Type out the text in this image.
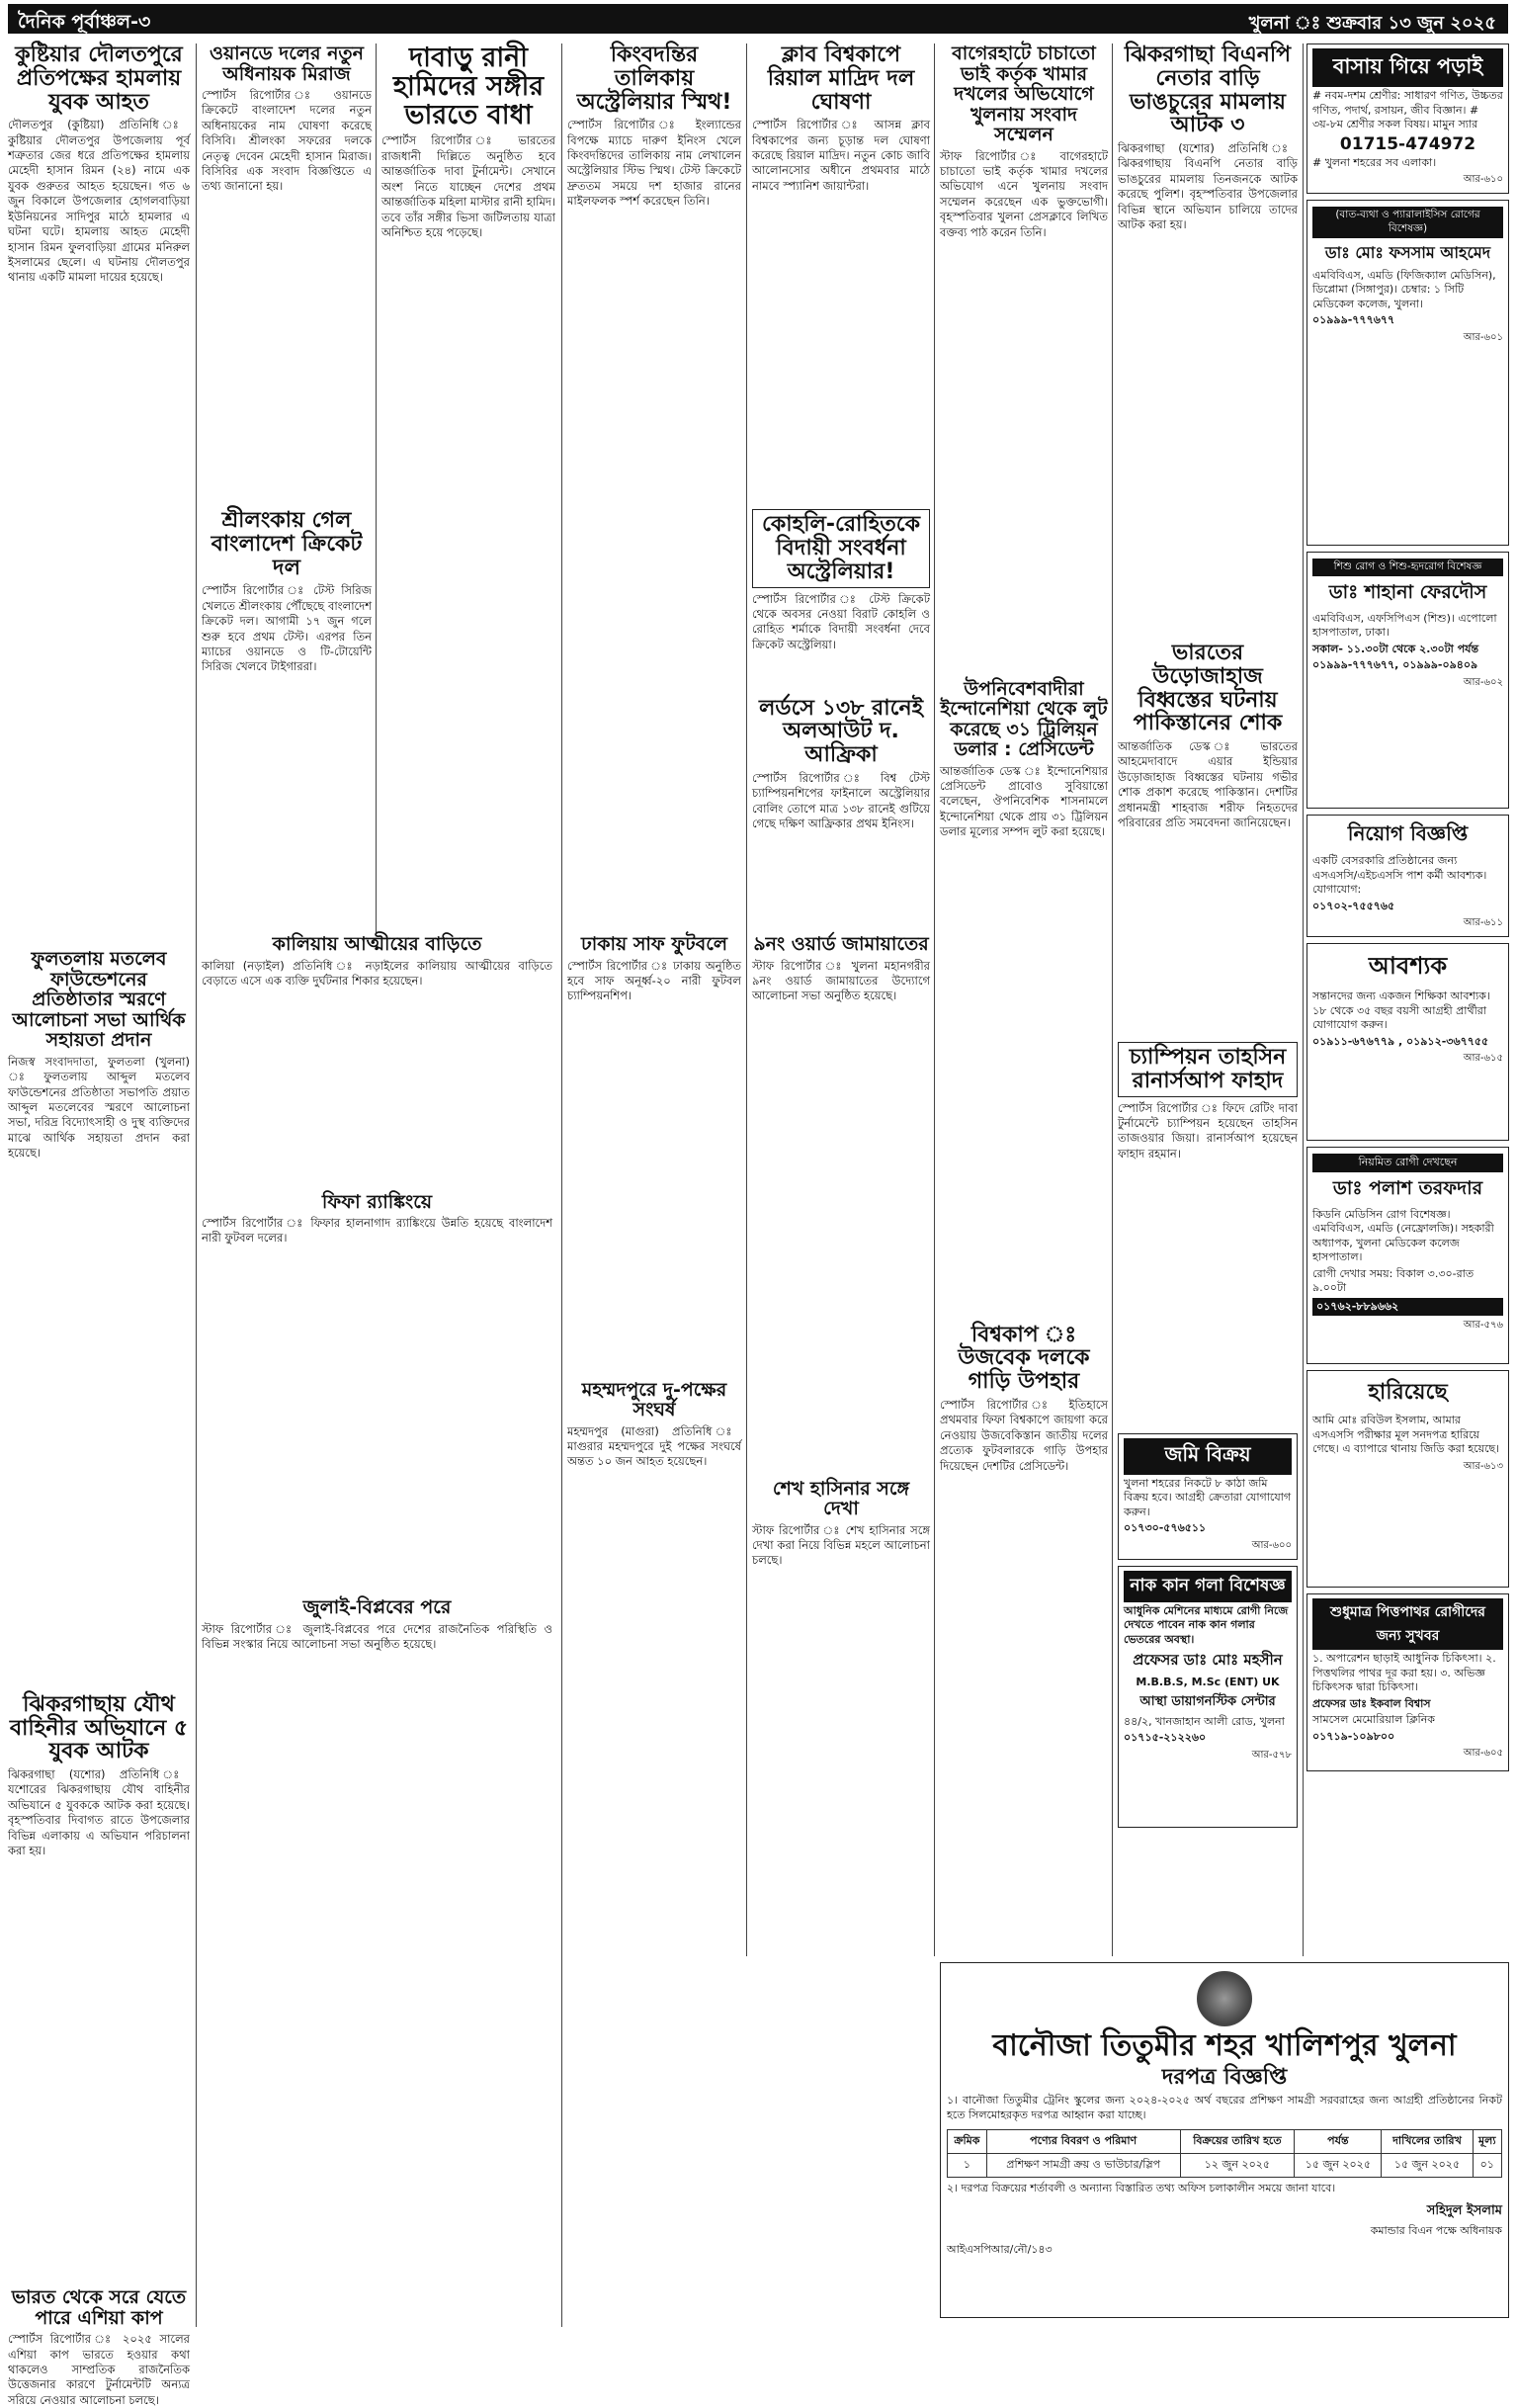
দৈনিক পূর্বাঞ্চল-৩	খুলনা ঃ শুক্রবার ১৩ জুন ২০২৫
কুষ্টিয়ার দৌলতপুরে প্রতিপক্ষের হামলায় যুবক আহত

দৌলতপুর (কুষ্টিয়া) প্রতিনিধি ঃ কুষ্টিয়ার দৌলতপুর উপজেলায় পূর্ব শত্রুতার জের ধরে প্রতিপক্ষের হামলায় মেহেদী হাসান রিমন (২৪) নামে এক যুবক গুরুতর আহত হয়েছেন। গত ৬ জুন বিকালে উপজেলার হোগলবাড়িয়া ইউনিয়নের সাদিপুর মাঠে হামলার এ ঘটনা ঘটে। হামলায় আহত মেহেদী হাসান রিমন ফুলবাড়িয়া গ্রামের মনিরুল ইসলামের ছেলে। এ ঘটনায় দৌলতপুর থানায় একটি মামলা দায়ের হয়েছে।

ফুলতলায় মতলেব ফাউন্ডেশনের প্রতিষ্ঠাতার স্মরণে আলোচনা সভা আর্থিক সহায়তা প্রদান

নিজস্ব সংবাদদাতা, ফুলতলা (খুলনা) ঃ ফুলতলায় আব্দুল মতলেব ফাউন্ডেশনের প্রতিষ্ঠাতা সভাপতি প্রয়াত আব্দুল মতলেবের স্মরণে আলোচনা সভা, দরিদ্র বিদ্যোৎসাহী ও দুস্থ ব্যক্তিদের মাঝে আর্থিক সহায়তা প্রদান করা হয়েছে।

ঝিকরগাছায় যৌথ বাহিনীর অভিযানে ৫ যুবক আটক

ঝিকরগাছা (যশোর) প্রতিনিধি ঃ যশোরের ঝিকরগাছায় যৌথ বাহিনীর অভিযানে ৫ যুবককে আটক করা হয়েছে। বৃহস্পতিবার দিবাগত রাতে উপজেলার বিভিন্ন এলাকায় এ অভিযান পরিচালনা করা হয়।

ভারত থেকে সরে যেতে পারে এশিয়া কাপ

স্পোর্টস রিপোর্টার ঃ ২০২৫ সালের এশিয়া কাপ ভারতে হওয়ার কথা থাকলেও সাম্প্রতিক রাজনৈতিক উত্তেজনার কারণে টুর্নামেন্টটি অন্যত্র সরিয়ে নেওয়ার আলোচনা চলছে।

ওয়ানডে দলের নতুন অধিনায়ক মিরাজ

স্পোর্টস রিপোর্টার ঃ ওয়ানডে ক্রিকেটে বাংলাদেশ দলের নতুন অধিনায়কের নাম ঘোষণা করেছে বিসিবি। শ্রীলংকা সফরের দলকে নেতৃত্ব দেবেন মেহেদী হাসান মিরাজ। বিসিবির এক সংবাদ বিজ্ঞপ্তিতে এ তথ্য জানানো হয়।

শ্রীলংকায় গেল বাংলাদেশ ক্রিকেট দল

স্পোর্টস রিপোর্টার ঃ টেস্ট সিরিজ খেলতে শ্রীলংকায় পৌঁছেছে বাংলাদেশ ক্রিকেট দল। আগামী ১৭ জুন গলে শুরু হবে প্রথম টেস্ট। এরপর তিন ম্যাচের ওয়ানডে ও টি-টোয়েন্টি সিরিজ খেলবে টাইগাররা।

কালিয়ায় আত্মীয়ের বাড়িতে

কালিয়া (নড়াইল) প্রতিনিধি ঃ নড়াইলের কালিয়ায় আত্মীয়ের বাড়িতে বেড়াতে এসে এক ব্যক্তি দুর্ঘটনার শিকার হয়েছেন।

ফিফা র‍্যাঙ্কিংয়ে

স্পোর্টস রিপোর্টার ঃ ফিফার হালনাগাদ র‍্যাঙ্কিংয়ে উন্নতি হয়েছে বাংলাদেশ নারী ফুটবল দলের।

জুলাই-বিপ্লবের পরে

স্টাফ রিপোর্টার ঃ জুলাই-বিপ্লবের পরে দেশের রাজনৈতিক পরিস্থিতি ও বিভিন্ন সংস্কার নিয়ে আলোচনা সভা অনুষ্ঠিত হয়েছে।

দাবাড়ু রানী হামিদের সঙ্গীর ভারতে বাধা

স্পোর্টস রিপোর্টার ঃ ভারতের রাজধানী দিল্লিতে অনুষ্ঠিত হবে আন্তর্জাতিক দাবা টুর্নামেন্ট। সেখানে অংশ নিতে যাচ্ছেন দেশের প্রথম আন্তর্জাতিক মহিলা মাস্টার রানী হামিদ। তবে তাঁর সঙ্গীর ভিসা জটিলতায় যাত্রা অনিশ্চিত হয়ে পড়েছে।

কিংবদন্তির তালিকায় অস্ট্রেলিয়ার স্মিথ!

স্পোর্টস রিপোর্টার ঃ ইংল্যান্ডের বিপক্ষে ম্যাচে দারুণ ইনিংস খেলে কিংবদন্তিদের তালিকায় নাম লেখালেন অস্ট্রেলিয়ার স্টিভ স্মিথ। টেস্ট ক্রিকেটে দ্রুততম সময়ে দশ হাজার রানের মাইলফলক স্পর্শ করেছেন তিনি।

ঢাকায় সাফ ফুটবলে

স্পোর্টস রিপোর্টার ঃ ঢাকায় অনুষ্ঠিত হবে সাফ অনূর্ধ্ব-২০ নারী ফুটবল চ্যাম্পিয়নশিপ।

মহম্মদপুরে দু-পক্ষের সংঘর্ষ

মহম্মদপুর (মাগুরা) প্রতিনিধি ঃ মাগুরার মহম্মদপুরে দুই পক্ষের সংঘর্ষে অন্তত ১০ জন আহত হয়েছেন।

ক্লাব বিশ্বকাপে রিয়াল মাদ্রিদ দল ঘোষণা

স্পোর্টস রিপোর্টার ঃ আসন্ন ক্লাব বিশ্বকাপের জন্য চূড়ান্ত দল ঘোষণা করেছে রিয়াল মাদ্রিদ। নতুন কোচ জাবি আলোনসোর অধীনে প্রথমবার মাঠে নামবে স্প্যানিশ জায়ান্টরা।

কোহলি-রোহিতকে বিদায়ী সংবর্ধনা অস্ট্রেলিয়ার!

স্পোর্টস রিপোর্টার ঃ টেস্ট ক্রিকেট থেকে অবসর নেওয়া বিরাট কোহলি ও রোহিত শর্মাকে বিদায়ী সংবর্ধনা দেবে ক্রিকেট অস্ট্রেলিয়া।

লর্ডসে ১৩৮ রানেই অলআউট দ. আফ্রিকা

স্পোর্টস রিপোর্টার ঃ বিশ্ব টেস্ট চ্যাম্পিয়নশিপের ফাইনালে অস্ট্রেলিয়ার বোলিং তোপে মাত্র ১৩৮ রানেই গুটিয়ে গেছে দক্ষিণ আফ্রিকার প্রথম ইনিংস।

৯নং ওয়ার্ড জামায়াতের

স্টাফ রিপোর্টার ঃ খুলনা মহানগরীর ৯নং ওয়ার্ড জামায়াতের উদ্যোগে আলোচনা সভা অনুষ্ঠিত হয়েছে।

শেখ হাসিনার সঙ্গে দেখা

স্টাফ রিপোর্টার ঃ শেখ হাসিনার সঙ্গে দেখা করা নিয়ে বিভিন্ন মহলে আলোচনা চলছে।

বাগেরহাটে চাচাতো ভাই কর্তৃক খামার দখলের অভিযোগে খুলনায় সংবাদ সম্মেলন

স্টাফ রিপোর্টার ঃ বাগেরহাটে চাচাতো ভাই কর্তৃক খামার দখলের অভিযোগ এনে খুলনায় সংবাদ সম্মেলন করেছেন এক ভুক্তভোগী। বৃহস্পতিবার খুলনা প্রেসক্লাবে লিখিত বক্তব্য পাঠ করেন তিনি।

উপনিবেশবাদীরা ইন্দোনেশিয়া থেকে লুট করেছে ৩১ ট্রিলিয়ন ডলার : প্রেসিডেন্ট

আন্তর্জাতিক ডেস্ক ঃ ইন্দোনেশিয়ার প্রেসিডেন্ট প্রাবোও সুবিয়ান্তো বলেছেন, ঔপনিবেশিক শাসনামলে ইন্দোনেশিয়া থেকে প্রায় ৩১ ট্রিলিয়ন ডলার মূল্যের সম্পদ লুট করা হয়েছে।

বিশ্বকাপ ঃ উজবেক দলকে গাড়ি উপহার

স্পোর্টস রিপোর্টার ঃ ইতিহাসে প্রথমবার ফিফা বিশ্বকাপে জায়গা করে নেওয়ায় উজবেকিস্তান জাতীয় দলের প্রত্যেক ফুটবলারকে গাড়ি উপহার দিয়েছেন দেশটির প্রেসিডেন্ট।

ঝিকরগাছা বিএনপি নেতার বাড়ি ভাঙচুরের মামলায় আটক ৩

ঝিকরগাছা (যশোর) প্রতিনিধি ঃ ঝিকরগাছায় বিএনপি নেতার বাড়ি ভাঙচুরের মামলায় তিনজনকে আটক করেছে পুলিশ। বৃহস্পতিবার উপজেলার বিভিন্ন স্থানে অভিযান চালিয়ে তাদের আটক করা হয়।

ভারতের উড়োজাহাজ বিধ্বস্তের ঘটনায় পাকিস্তানের শোক

আন্তর্জাতিক ডেস্ক ঃ ভারতের আহমেদাবাদে এয়ার ইন্ডিয়ার উড়োজাহাজ বিধ্বস্তের ঘটনায় গভীর শোক প্রকাশ করেছে পাকিস্তান। দেশটির প্রধানমন্ত্রী শাহবাজ শরীফ নিহতদের পরিবারের প্রতি সমবেদনা জানিয়েছেন।

চ্যাম্পিয়ন তাহসিন রানার্সআপ ফাহাদ

স্পোর্টস রিপোর্টার ঃ ফিদে রেটিং দাবা টুর্নামেন্টে চ্যাম্পিয়ন হয়েছেন তাহসিন তাজওয়ার জিয়া। রানার্সআপ হয়েছেন ফাহাদ রহমান।

জমি বিক্রয়
খুলনা শহরের নিকটে ৮ কাঠা জমি বিক্রয় হবে। আগ্রহী ক্রেতারা যোগাযোগ করুন।
০১৭৩০-৫৭৬৫১১
আর-৬০০
নাক কান গলা বিশেষজ্ঞ
আধুনিক মেশিনের মাধ্যমে রোগী নিজে দেখতে পাবেন নাক কান গলার ভেতরের অবস্থা।
প্রফেসর ডাঃ মোঃ মহসীন
M.B.B.S, M.Sc (ENT) UK
আস্থা ডায়াগনস্টিক সেন্টার
৪৪/২, খানজাহান আলী রোড, খুলনা
০১৭১৫-২১২২৬০
আর-৫৭৮
বাসায় গিয়ে পড়াই
# নবম-দশম শ্রেণীর: সাধারণ গণিত, উচ্চতর গণিত, পদার্থ, রসায়ন, জীব বিজ্ঞান। # ৩য়-৮ম শ্রেণীর সকল বিষয়। মামুন স্যার
01715-474972
# খুলনা শহরের সব এলাকা।
আর-৬১০
(বাত-ব্যথা ও প্যারালাইসিস রোগের বিশেষজ্ঞ)
ডাঃ মোঃ ফসসাম আহমেদ
এমবিবিএস, এমডি (ফিজিক্যাল মেডিসিন), ডিপ্লোমা (সিঙ্গাপুর)। চেম্বার: ১ সিটি মেডিকেল কলেজ, খুলনা।
০১৯৯৯-৭৭৭৬৭৭
আর-৬০১
শিশু রোগ ও শিশু-হৃদরোগ বিশেষজ্ঞ
ডাঃ শাহানা ফেরদৌস
এমবিবিএস, এফসিপিএস (শিশু)। এপোলো হাসপাতাল, ঢাকা।
সকাল- ১১.৩০টা থেকে ২.৩০টা পর্যন্ত
০১৯৯৯-৭৭৭৬৭৭, ০১৯৯৯-০৯৪০৯
আর-৬০২
নিয়োগ বিজ্ঞপ্তি
একটি বেসরকারি প্রতিষ্ঠানের জন্য এসএসসি/এইচএসসি পাশ কর্মী আবশ্যক। যোগাযোগ:
০১৭০২-৭৫৫৭৬৫
আর-৬১১
আবশ্যক
সন্তানদের জন্য একজন শিক্ষিকা আবশ্যক। ১৮ থেকে ৩৫ বছর বয়সী আগ্রহী প্রার্থীরা যোগাযোগ করুন।
০১৯১১-৬৭৬৭৭৯ , ০১৯১২-৩৬৭৭৫৫
আর-৬১৫
নিয়মিত রোগী দেখছেন
ডাঃ পলাশ তরফদার
কিডনি মেডিসিন রোগ বিশেষজ্ঞ। এমবিবিএস, এমডি (নেফ্রোলজি)। সহকারী অধ্যাপক, খুলনা মেডিকেল কলেজ হাসপাতাল।
রোগী দেখার সময়: বিকাল ৩.৩০-রাত ৯.০০টা
০১৭৬২-৮৮৯৬৬২
আর-৫৭৬
হারিয়েছে
আমি মোঃ রবিউল ইসলাম, আমার এসএসসি পরীক্ষার মূল সনদপত্র হারিয়ে গেছে। এ ব্যাপারে থানায় জিডি করা হয়েছে।
আর-৬১৩
শুধুমাত্র পিত্তপাথর রোগীদের জন্য সুখবর
১. অপারেশন ছাড়াই আধুনিক চিকিৎসা। ২. পিত্তথলির পাথর দূর করা হয়। ৩. অভিজ্ঞ চিকিৎসক দ্বারা চিকিৎসা।
প্রফেসর ডাঃ ইকবাল বিশ্বাস
সামসেল মেমোরিয়াল ক্লিনিক
০১৭১৯-১০৯৮০০
আর-৬০৫
বানৌজা তিতুমীর শহর খালিশপুর খুলনা
দরপত্র বিজ্ঞপ্তি

১। বানৌজা তিতুমীর ট্রেনিং স্কুলের জন্য ২০২৪-২০২৫ অর্থ বছরের প্রশিক্ষণ সামগ্রী সরবরাহের জন্য আগ্রহী প্রতিষ্ঠানের নিকট হতে সিলমোহরকৃত দরপত্র আহ্বান করা যাচ্ছে।

ক্রমিক	পণ্যের বিবরণ ও পরিমাণ	বিক্রয়ের তারিখ হতে	পর্যন্ত	দাখিলের তারিখ	মূল্য
১	প্রশিক্ষণ সামগ্রী ক্রয় ও ভাউচার/স্লিপ	১২ জুন ২০২৫	১৫ জুন ২০২৫	১৫ জুন ২০২৫	০১

২। দরপত্র বিক্রয়ের শর্তাবলী ও অন্যান্য বিস্তারিত তথ্য অফিস চলাকালীন সময়ে জানা যাবে।

সহিদুল ইসলাম
কমান্ডার বিএন পক্ষে অধিনায়ক
আইএসপিআর/নৌ/১৪৩
